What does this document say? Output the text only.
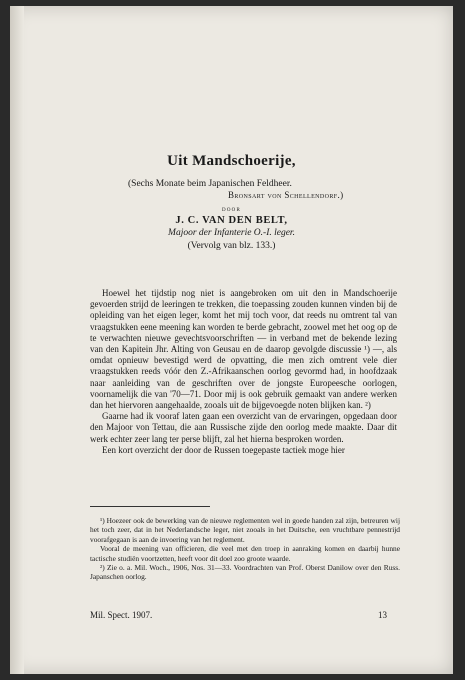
Uit Mandschoerije,
(Sechs Monate beim Japanischen Feldheer.
Bronsart von Schellendorf.)
door
J. C. VAN DEN BELT,
Majoor der Infanterie O.-I. leger.
(Vervolg van blz. 133.)

Hoewel het tijdstip nog niet is aangebroken om uit den in Mandschoerije gevoerden strijd de leeringen te trekken, die toepassing zouden kunnen vinden bij de opleiding van het eigen leger, komt het mij toch voor, dat reeds nu omtrent tal van vraagstukken eene meening kan worden te berde gebracht, zoowel met het oog op de te verwachten nieuwe gevechtsvoorschriften — in verband met de bekende lezing van den Kapitein Jhr. Alting von Geusau en de daarop gevolgde discussie ¹) —, als omdat opnieuw bevestigd werd de opvatting, die men zich omtrent vele dier vraagstukken reeds vóór den Z.-Afrikaanschen oorlog gevormd had, in hoofdzaak naar aanleiding van de geschriften over de jongste Europeesche oorlogen, voornamelijk die van '70—71. Door mij is ook gebruik gemaakt van andere werken dan het hiervoren aangehaalde, zooals uit de bijgevoegde noten blijken kan. ²)

Gaarne had ik vooraf laten gaan een overzicht van de ervaringen, opgedaan door den Majoor von Tettau, die aan Russische zijde den oorlog mede maakte. Daar dit werk echter zeer lang ter perse blijft, zal het hierna besproken worden.

Een kort overzicht der door de Russen toegepaste tactiek moge hier

¹) Hoezeer ook de bewerking van de nieuwe reglementen wel in goede handen zal zijn, betreuren wij het toch zeer, dat in het Nederlandsche leger, niet zooals in het Duitsche, een vruchtbare pennestrijd voorafgegaan is aan de invoering van het reglement.

Vooral de meening van officieren, die veel met den troep in aanraking komen en daarbij hunne tactische studiën voortzetten, heeft voor dit doel zoo groote waarde.

²) Zie o. a. Mil. Woch., 1906, Nos. 31—33. Voordrachten van Prof. Oberst Danilow over den Russ. Japanschen oorlog.

Mil. Spect. 1907.	13
